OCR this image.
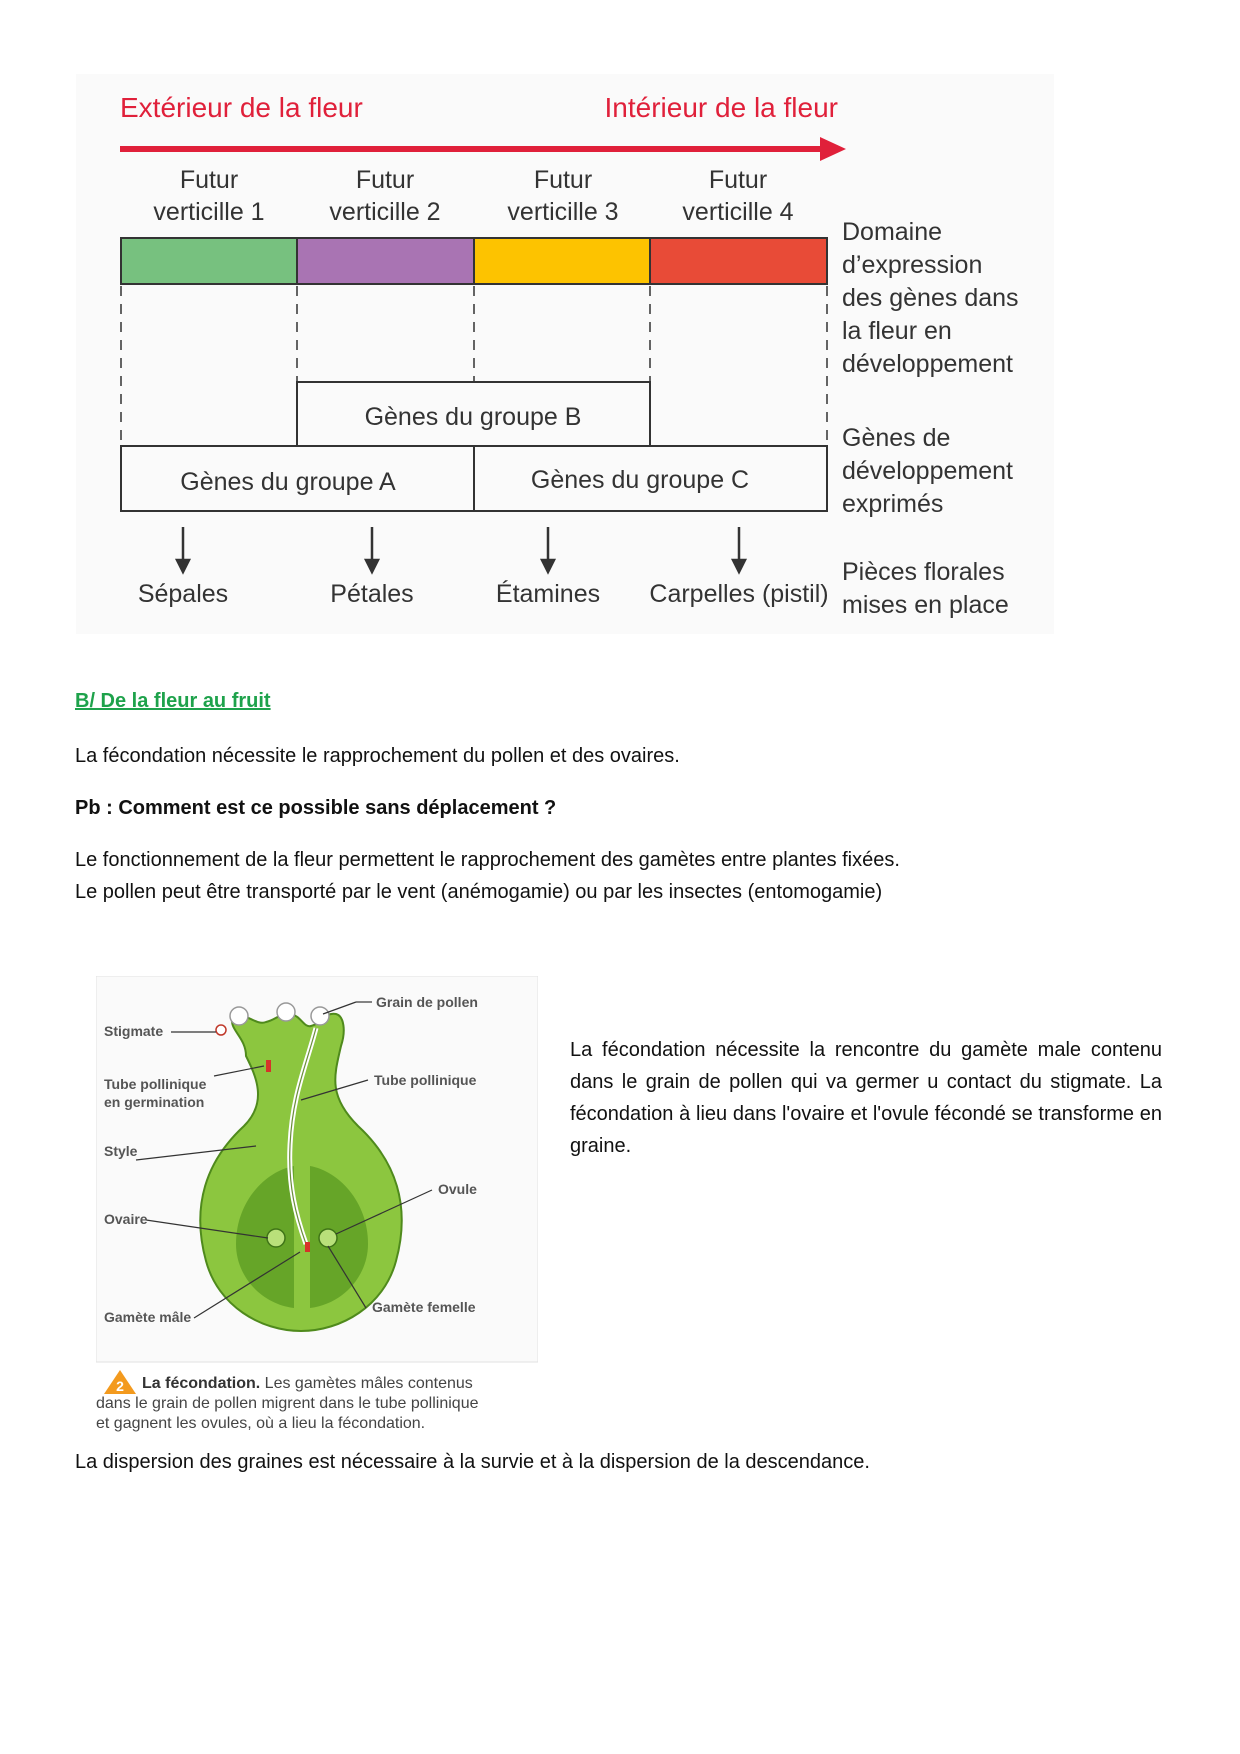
Extérieur de la fleur	Intérieur de la fleur
Futur
verticille 1
Futur
verticille 2
Futur
verticille 3
Futur
verticille 4
Gènes du groupe B
Gènes du groupe A	Gènes du groupe C
Sépales	Pétales	Étamines Carpelles (pistil)
Domaine
d’expression
des gènes dans
la fleur en
développement
Gènes de
développement
exprimés
Pièces florales
mises en place
B/ De la fleur au fruit
La fécondation nécessite le rapprochement du pollen et des ovaires.
Pb : Comment est ce possible sans déplacement ?
Le fonctionnement de la fleur permettent le rapprochement des gamètes entre plantes fixées.
Le pollen peut être transporté par le vent (anémogamie) ou par les insectes (entomogamie)
Grain de pollen
Stigmate
Tube pollinique
en germination
Tube pollinique
Style
Ovule
Ovaire
Gamète femelle
Gamète mâle
2 La fécondation. Les gamètes mâles contenus
dans le grain de pollen migrent dans le tube pollinique
et gagnent les ovules, où a lieu la fécondation.
La fécondation nécessite la rencontre du gamète male contenu dans le grain de pollen qui va germer u contact du stigmate. La fécondation à lieu dans l'ovaire et l'ovule fécondé se transforme en graine.
La dispersion des graines est nécessaire à la survie et à la dispersion de la descendance.
